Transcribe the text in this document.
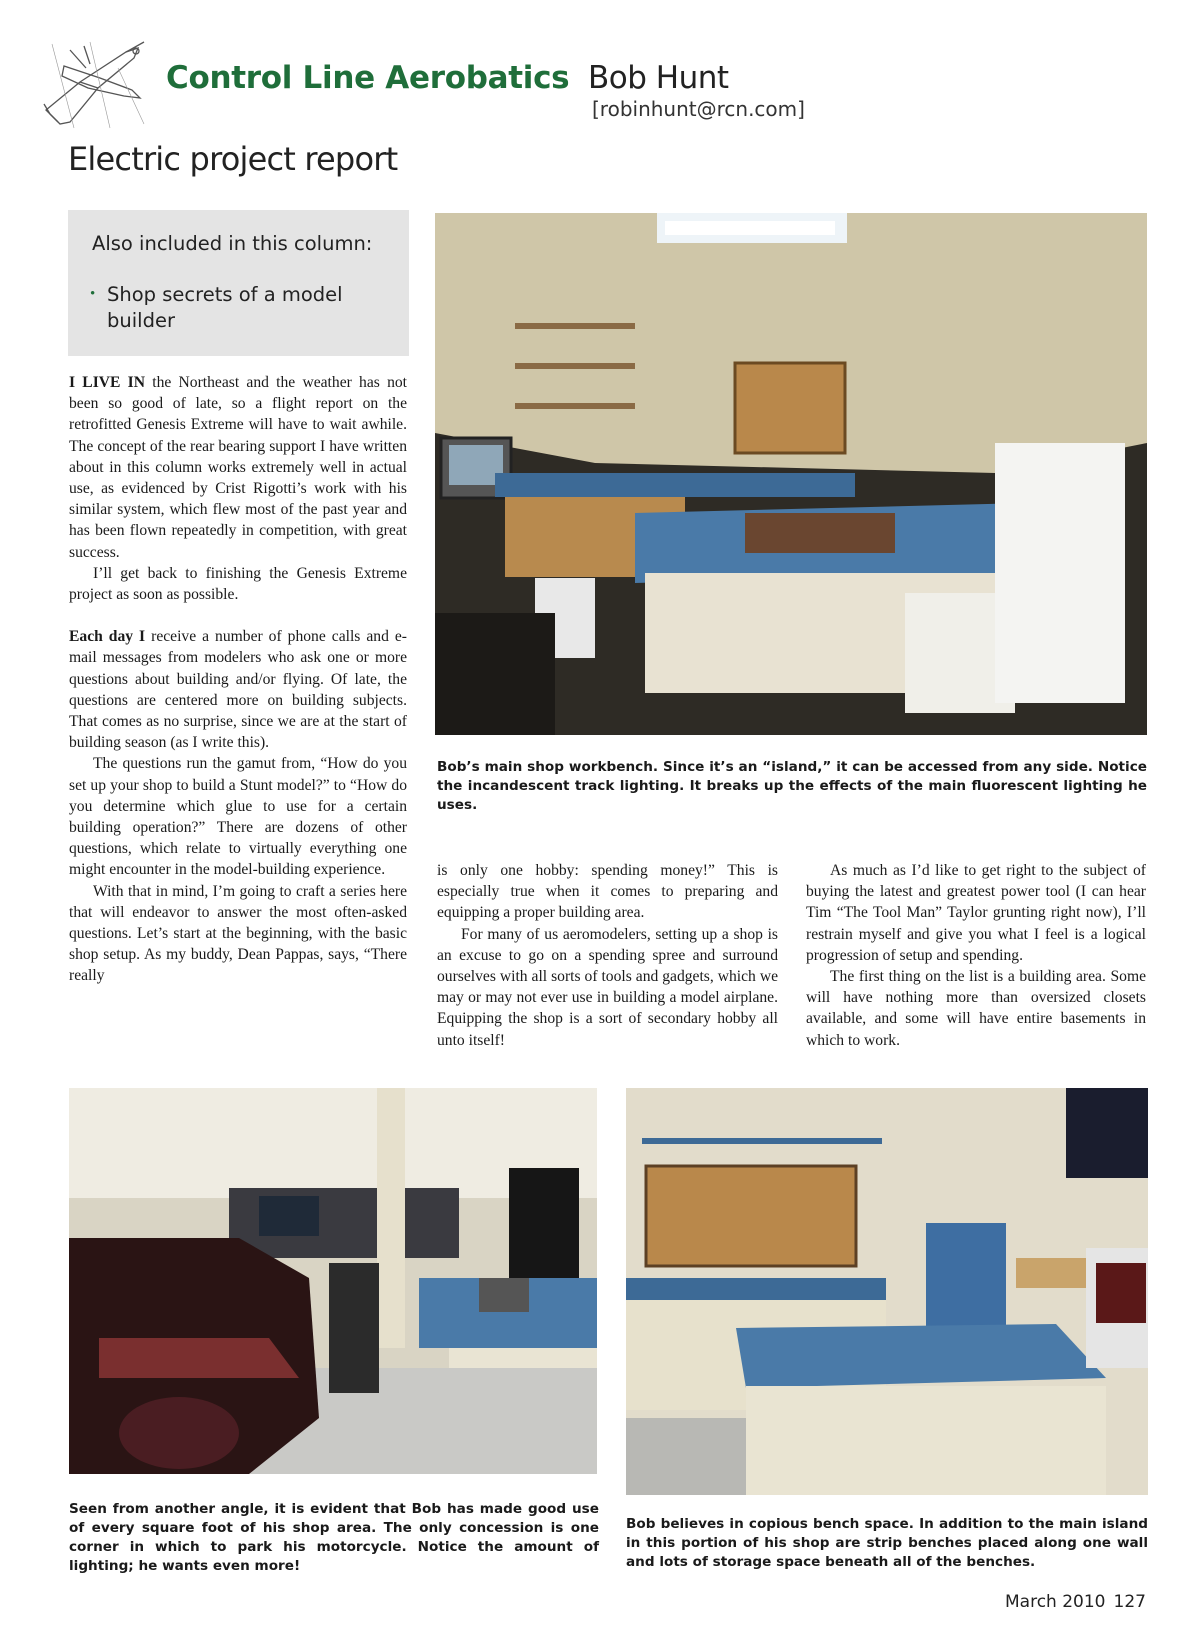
Control Line Aerobatics Bob Hunt
[robinhunt@rcn.com]
Electric project report
Also included in this column:
• Shop secrets of a model builder

I LIVE IN the Northeast and the weather has not been so good of late, so a flight report on the retrofitted Genesis Extreme will have to wait awhile. The concept of the rear bearing support I have written about in this column works extremely well in actual use, as evidenced by Crist Rigotti’s work with his similar system, which flew most of the past year and has been flown repeatedly in competition, with great success.

I’ll get back to finishing the Genesis Extreme project as soon as possible.

Each day I receive a number of phone calls and e-mail messages from modelers who ask one or more questions about building and/or flying. Of late, the questions are centered more on building subjects. That comes as no surprise, since we are at the start of building season (as I write this).

The questions run the gamut from, “How do you set up your shop to build a Stunt model?” to “How do you determine which glue to use for a certain building operation?” There are dozens of other questions, which relate to virtually everything one might encounter in the model-building experience.

With that in mind, I’m going to craft a series here that will endeavor to answer the most often-asked questions. Let’s start at the beginning, with the basic shop setup. As my buddy, Dean Pappas, says, “There really

Bob’s main shop workbench. Since it’s an “island,” it can be accessed from any side. Notice the incandescent track lighting. It breaks up the effects of the main fluorescent lighting he uses.

is only one hobby: spending money!” This is especially true when it comes to preparing and equipping a proper building area.

For many of us aeromodelers, setting up a shop is an excuse to go on a spending spree and surround ourselves with all sorts of tools and gadgets, which we may or may not ever use in building a model airplane. Equipping the shop is a sort of secondary hobby all unto itself!

As much as I’d like to get right to the subject of buying the latest and greatest power tool (I can hear Tim “The Tool Man” Taylor grunting right now), I’ll restrain myself and give you what I feel is a logical progression of setup and spending.

The first thing on the list is a building area. Some will have nothing more than oversized closets available, and some will have entire basements in which to work.

Seen from another angle, it is evident that Bob has made good use of every square foot of his shop area. The only concession is one corner in which to park his motorcycle. Notice the amount of lighting; he wants even more!
Bob believes in copious bench space. In addition to the main island in this portion of his shop are strip benches placed along one wall and lots of storage space beneath all of the benches.
March 2010 127
